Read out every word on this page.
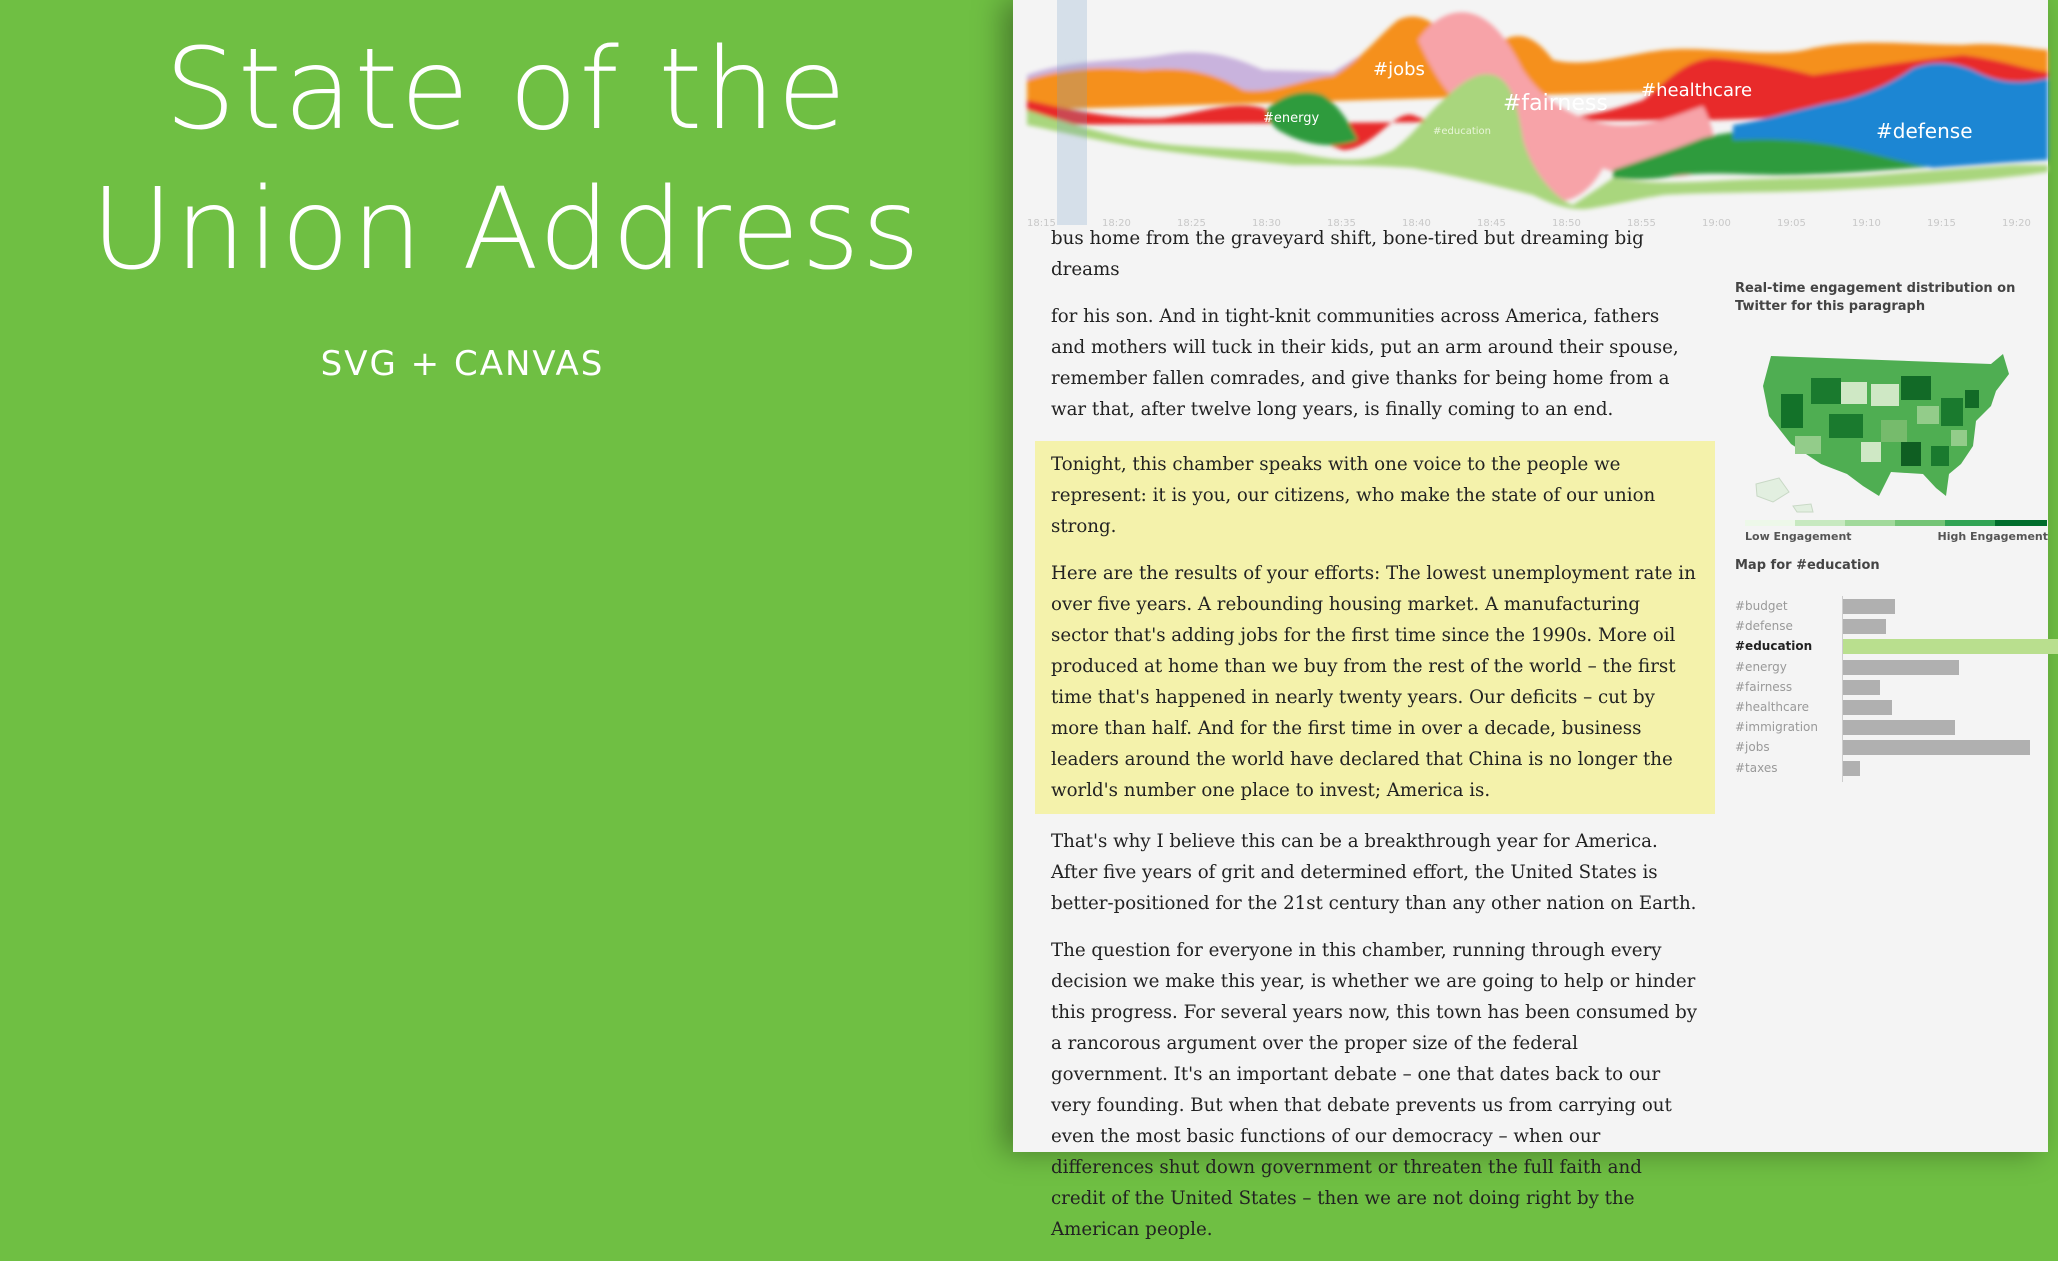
State of the
Union Address
SVG + CANVAS
#energy
#jobs
#education
#fairness
#healthcare
#defense
18:15	18:20	18:25	18:30	18:35	18:40	18:45	18:50	18:55	19:00	19:05	19:10	19:15	19:20

bus home from the graveyard shift, bone-tired but dreaming big dreams

for his son. And in tight-knit communities across America, fathers and mothers will tuck in their kids, put an arm around their spouse, remember fallen comrades, and give thanks for being home from a war that, after twelve long years, is finally coming to an end.

Tonight, this chamber speaks with one voice to the people we represent: it is you, our citizens, who make the state of our union strong.

Here are the results of your efforts: The lowest unemployment rate in over five years. A rebounding housing market. A manufacturing sector that's adding jobs for the first time since the 1990s. More oil produced at home than we buy from the rest of the world – the first time that's happened in nearly twenty years. Our deficits – cut by more than half. And for the first time in over a decade, business leaders around the world have declared that China is no longer the world's number one place to invest; America is.

That's why I believe this can be a breakthrough year for America. After five years of grit and determined effort, the United States is better-positioned for the 21st century than any other nation on Earth.

The question for everyone in this chamber, running through every decision we make this year, is whether we are going to help or hinder this progress. For several years now, this town has been consumed by a rancorous argument over the proper size of the federal government. It's an important debate – one that dates back to our very founding. But when that debate prevents us from carrying out even the most basic functions of our democracy – when our differences shut down government or threaten the full faith and credit of the United States – then we are not doing right by the American people.

Real-time engagement distribution on Twitter for this paragraph
Low Engagement	High Engagement
Map for #education
#budget
#defense
#education
#energy
#fairness
#healthcare
#immigration
#jobs
#taxes
